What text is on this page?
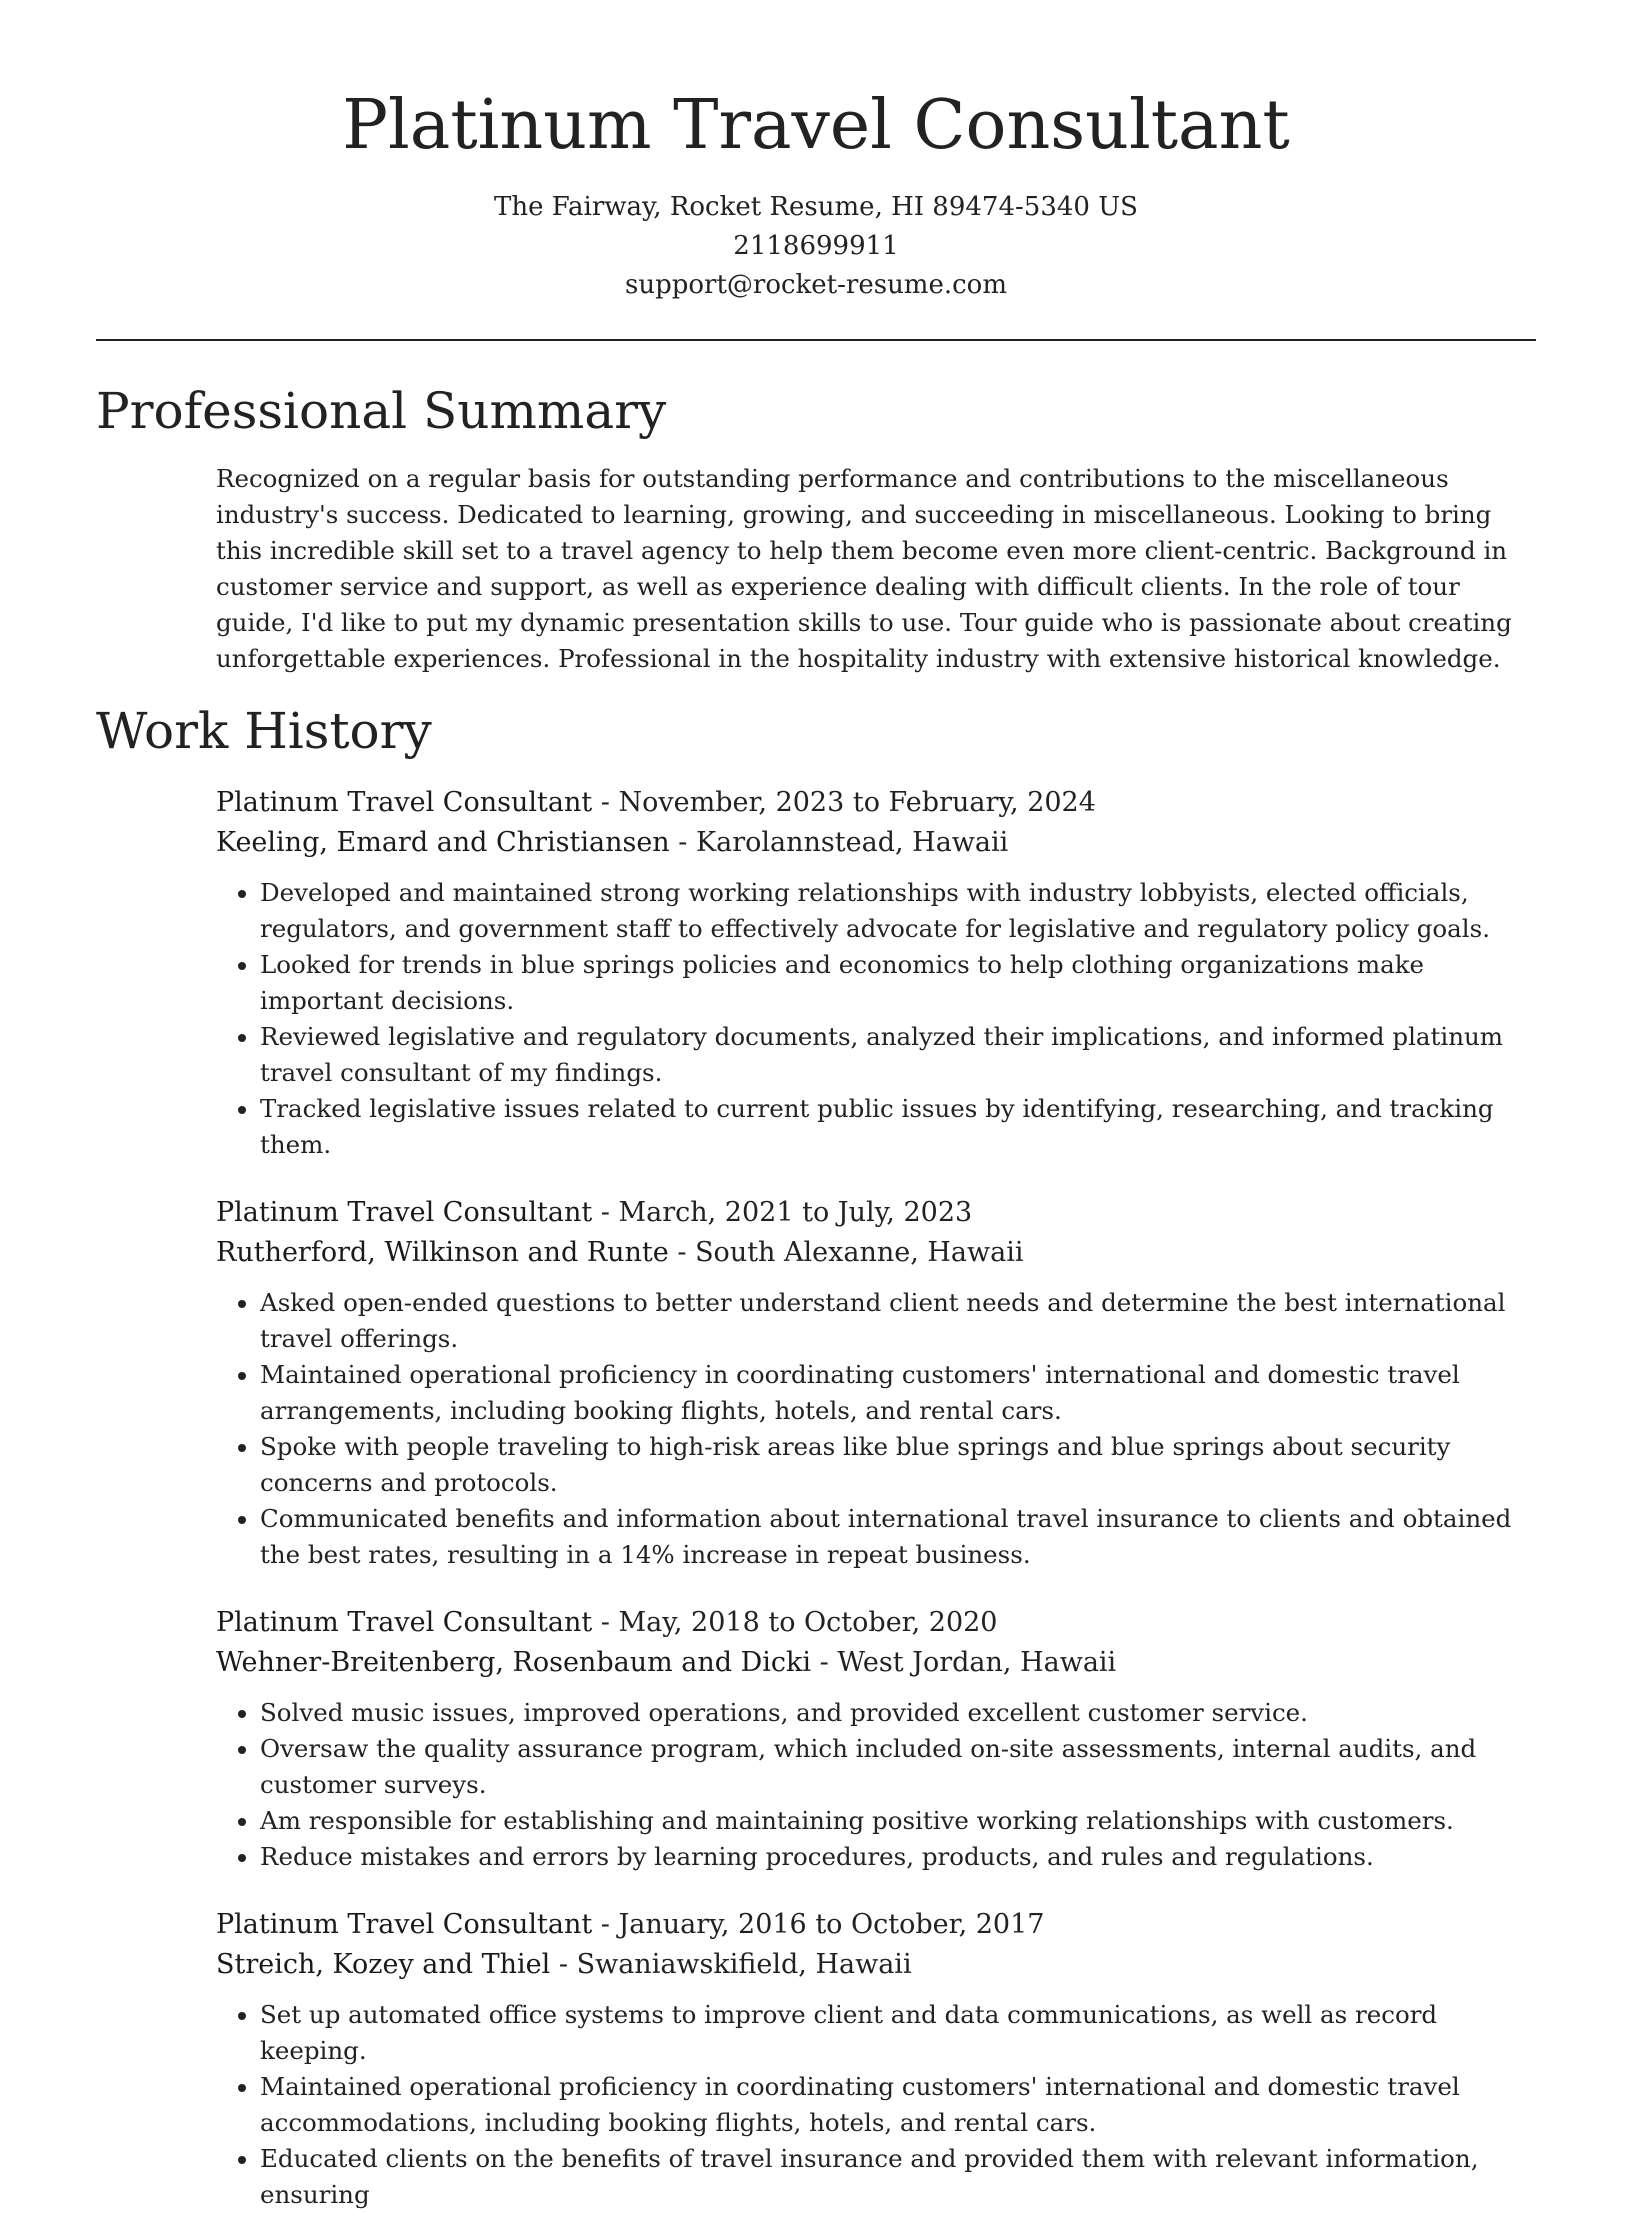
Platinum Travel Consultant
The Fairway, Rocket Resume, HI 89474-5340 US
2118699911
support@rocket-resume.com
Professional Summary

Recognized on a regular basis for outstanding performance and contributions to the miscellaneous industry's success. Dedicated to learning, growing, and succeeding in miscellaneous. Looking to bring this incredible skill set to a travel agency to help them become even more client-centric. Background in customer service and support, as well as experience dealing with difficult clients. In the role of tour guide, I'd like to put my dynamic presentation skills to use. Tour guide who is passionate about creating unforgettable experiences. Professional in the hospitality industry with extensive historical knowledge.

Work History
Platinum Travel Consultant - November, 2023 to February, 2024
Keeling, Emard and Christiansen - Karolannstead, Hawaii
• Developed and maintained strong working relationships with industry lobbyists, elected officials, regulators, and government staff to effectively advocate for legislative and regulatory policy goals.
• Looked for trends in blue springs policies and economics to help clothing organizations make important decisions.
• Reviewed legislative and regulatory documents, analyzed their implications, and informed platinum travel consultant of my findings.
• Tracked legislative issues related to current public issues by identifying, researching, and tracking them.
Platinum Travel Consultant - March, 2021 to July, 2023
Rutherford, Wilkinson and Runte - South Alexanne, Hawaii
• Asked open-ended questions to better understand client needs and determine the best international travel offerings.
• Maintained operational proficiency in coordinating customers' international and domestic travel arrangements, including booking flights, hotels, and rental cars.
• Spoke with people traveling to high-risk areas like blue springs and blue springs about security concerns and protocols.
• Communicated benefits and information about international travel insurance to clients and obtained the best rates, resulting in a 14% increase in repeat business.
Platinum Travel Consultant - May, 2018 to October, 2020
Wehner-Breitenberg, Rosenbaum and Dicki - West Jordan, Hawaii
• Solved music issues, improved operations, and provided excellent customer service.
• Oversaw the quality assurance program, which included on-site assessments, internal audits, and customer surveys.
• Am responsible for establishing and maintaining positive working relationships with customers.
• Reduce mistakes and errors by learning procedures, products, and rules and regulations.
Platinum Travel Consultant - January, 2016 to October, 2017
Streich, Kozey and Thiel - Swaniawskifield, Hawaii
• Set up automated office systems to improve client and data communications, as well as record keeping.
• Maintained operational proficiency in coordinating customers' international and domestic travel accommodations, including booking flights, hotels, and rental cars.
• Educated clients on the benefits of travel insurance and provided them with relevant information, ensuring
